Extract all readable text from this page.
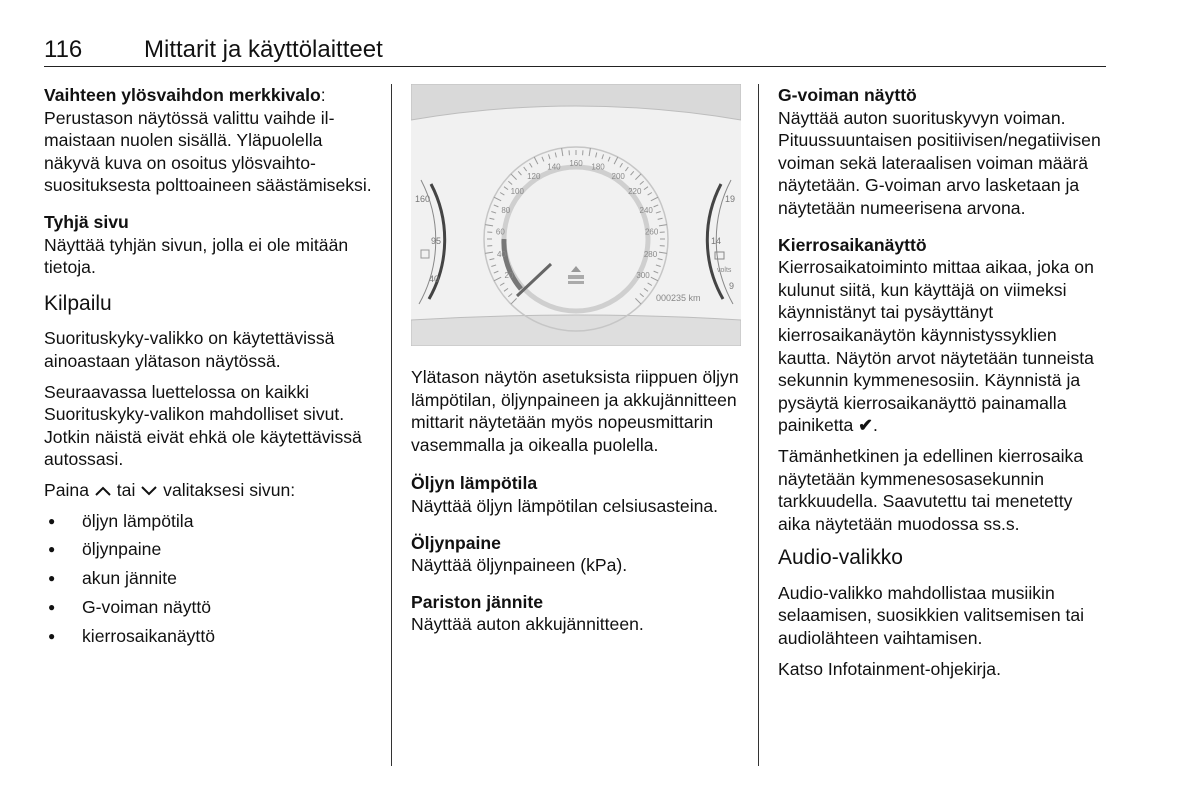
116	Mittarit ja käyttölaitteet
Vaihteen ylösvaihdon merkkivalo:
Perustason näytössä valittu vaihde ilmaistaan nuolen sisällä. Yläpuolella näkyvä kuva on osoitus ylösvaihtosuosituksesta polttoaineen säästämiseksi.
Tyhjä sivu
Näyttää tyhjän sivun, jolla ei ole mitään tietoja.
Kilpailu

Suorituskyky-valikko on käytettävissä ainoastaan ylätason näytössä.

Seuraavassa luettelossa on kaikki Suorituskyky-valikon mahdolliset sivut. Jotkin näistä eivät ehkä ole käytettävissä autossasi.

Paina tai valitaksesi sivun:

● öljyn lämpötila
● öljynpaine
● akun jännite
● G-voiman näyttö
● kierrosaikanäyttö
20
40
60
80
100
120
140 160 180
200
220
240
260
280
300
000235 km
160
95
40
19
14
9
volts

Ylätason näytön asetuksista riippuen öljyn lämpötilan, öljynpaineen ja akkujännitteen mittarit näytetään myös nopeusmittarin vasemmalla ja oikealla puolella.

Öljyn lämpötila
Näyttää öljyn lämpötilan celsiusasteina.
Öljynpaine
Näyttää öljynpaineen (kPa).
Pariston jännite
Näyttää auton akkujännitteen.
G-voiman näyttö
Näyttää auton suorituskyvyn voiman. Pituussuuntaisen positiivisen/negatiivisen voiman sekä lateraalisen voiman määrä näytetään. G-voiman arvo lasketaan ja näytetään numeerisena arvona.
Kierrosaikanäyttö
Kierrosaikatoiminto mittaa aikaa, joka on kulunut siitä, kun käyttäjä on viimeksi käynnistänyt tai pysäyttänyt kierrosaikanäytön käynnistyssyklien kautta. Näytön arvot näytetään tunneista sekunnin kymmenesosiin. Käynnistä ja pysäytä kierrosaikanäyttö painamalla painiketta ✔.

Tämänhetkinen ja edellinen kierrosaika näytetään kymmenesosasekunnin tarkkuudella. Saavutettu tai menetetty aika näytetään muodossa ss.s.

Audio-valikko

Audio-valikko mahdollistaa musiikin selaamisen, suosikkien valitsemisen tai audiolähteen vaihtamisen.

Katso Infotainment-ohjekirja.
